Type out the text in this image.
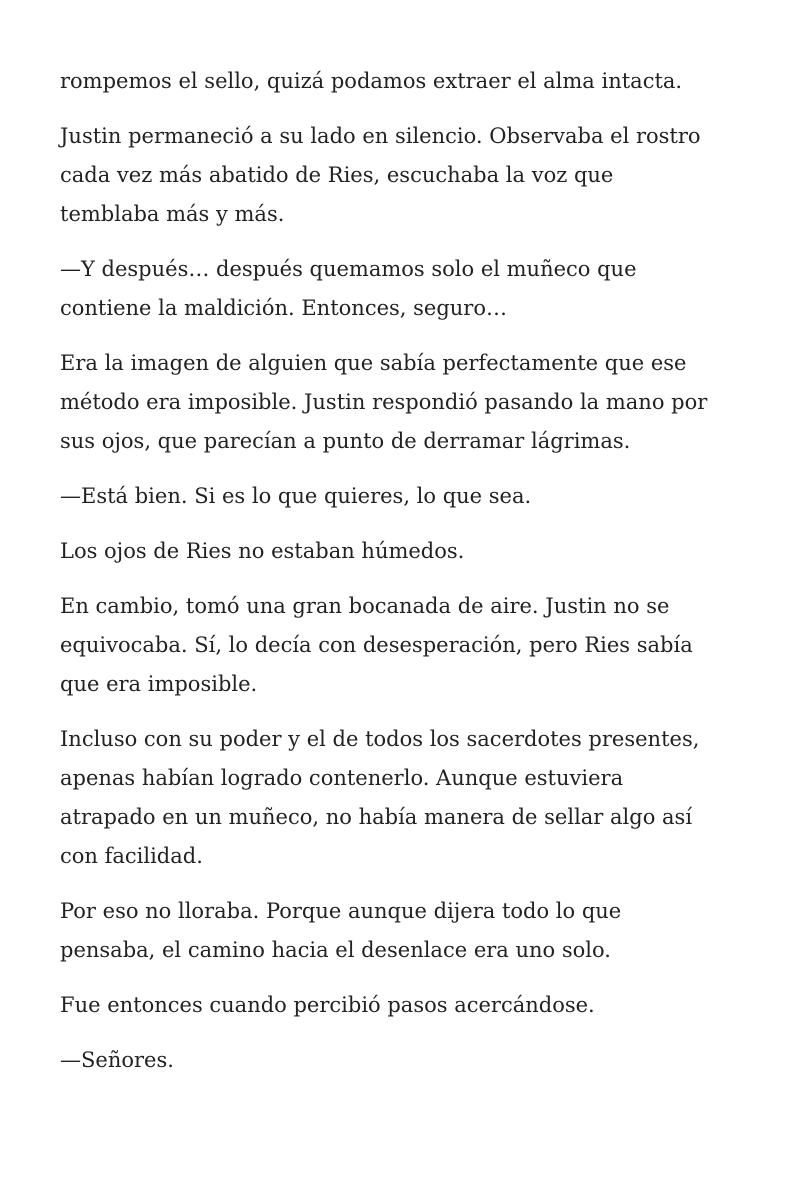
rompemos el sello, quizá podamos extraer el alma intacta.

Justin permaneció a su lado en silencio. Observaba el rostro
cada vez más abatido de Ries, escuchaba la voz que
temblaba más y más.

—Y después… después quemamos solo el muñeco que
contiene la maldición. Entonces, seguro…

Era la imagen de alguien que sabía perfectamente que ese
método era imposible. Justin respondió pasando la mano por
sus ojos, que parecían a punto de derramar lágrimas.

—Está bien. Si es lo que quieres, lo que sea.

Los ojos de Ries no estaban húmedos.

En cambio, tomó una gran bocanada de aire. Justin no se
equivocaba. Sí, lo decía con desesperación, pero Ries sabía
que era imposible.

Incluso con su poder y el de todos los sacerdotes presentes,
apenas habían logrado contenerlo. Aunque estuviera
atrapado en un muñeco, no había manera de sellar algo así
con facilidad.

Por eso no lloraba. Porque aunque dijera todo lo que
pensaba, el camino hacia el desenlace era uno solo.

Fue entonces cuando percibió pasos acercándose.

—Señores.
